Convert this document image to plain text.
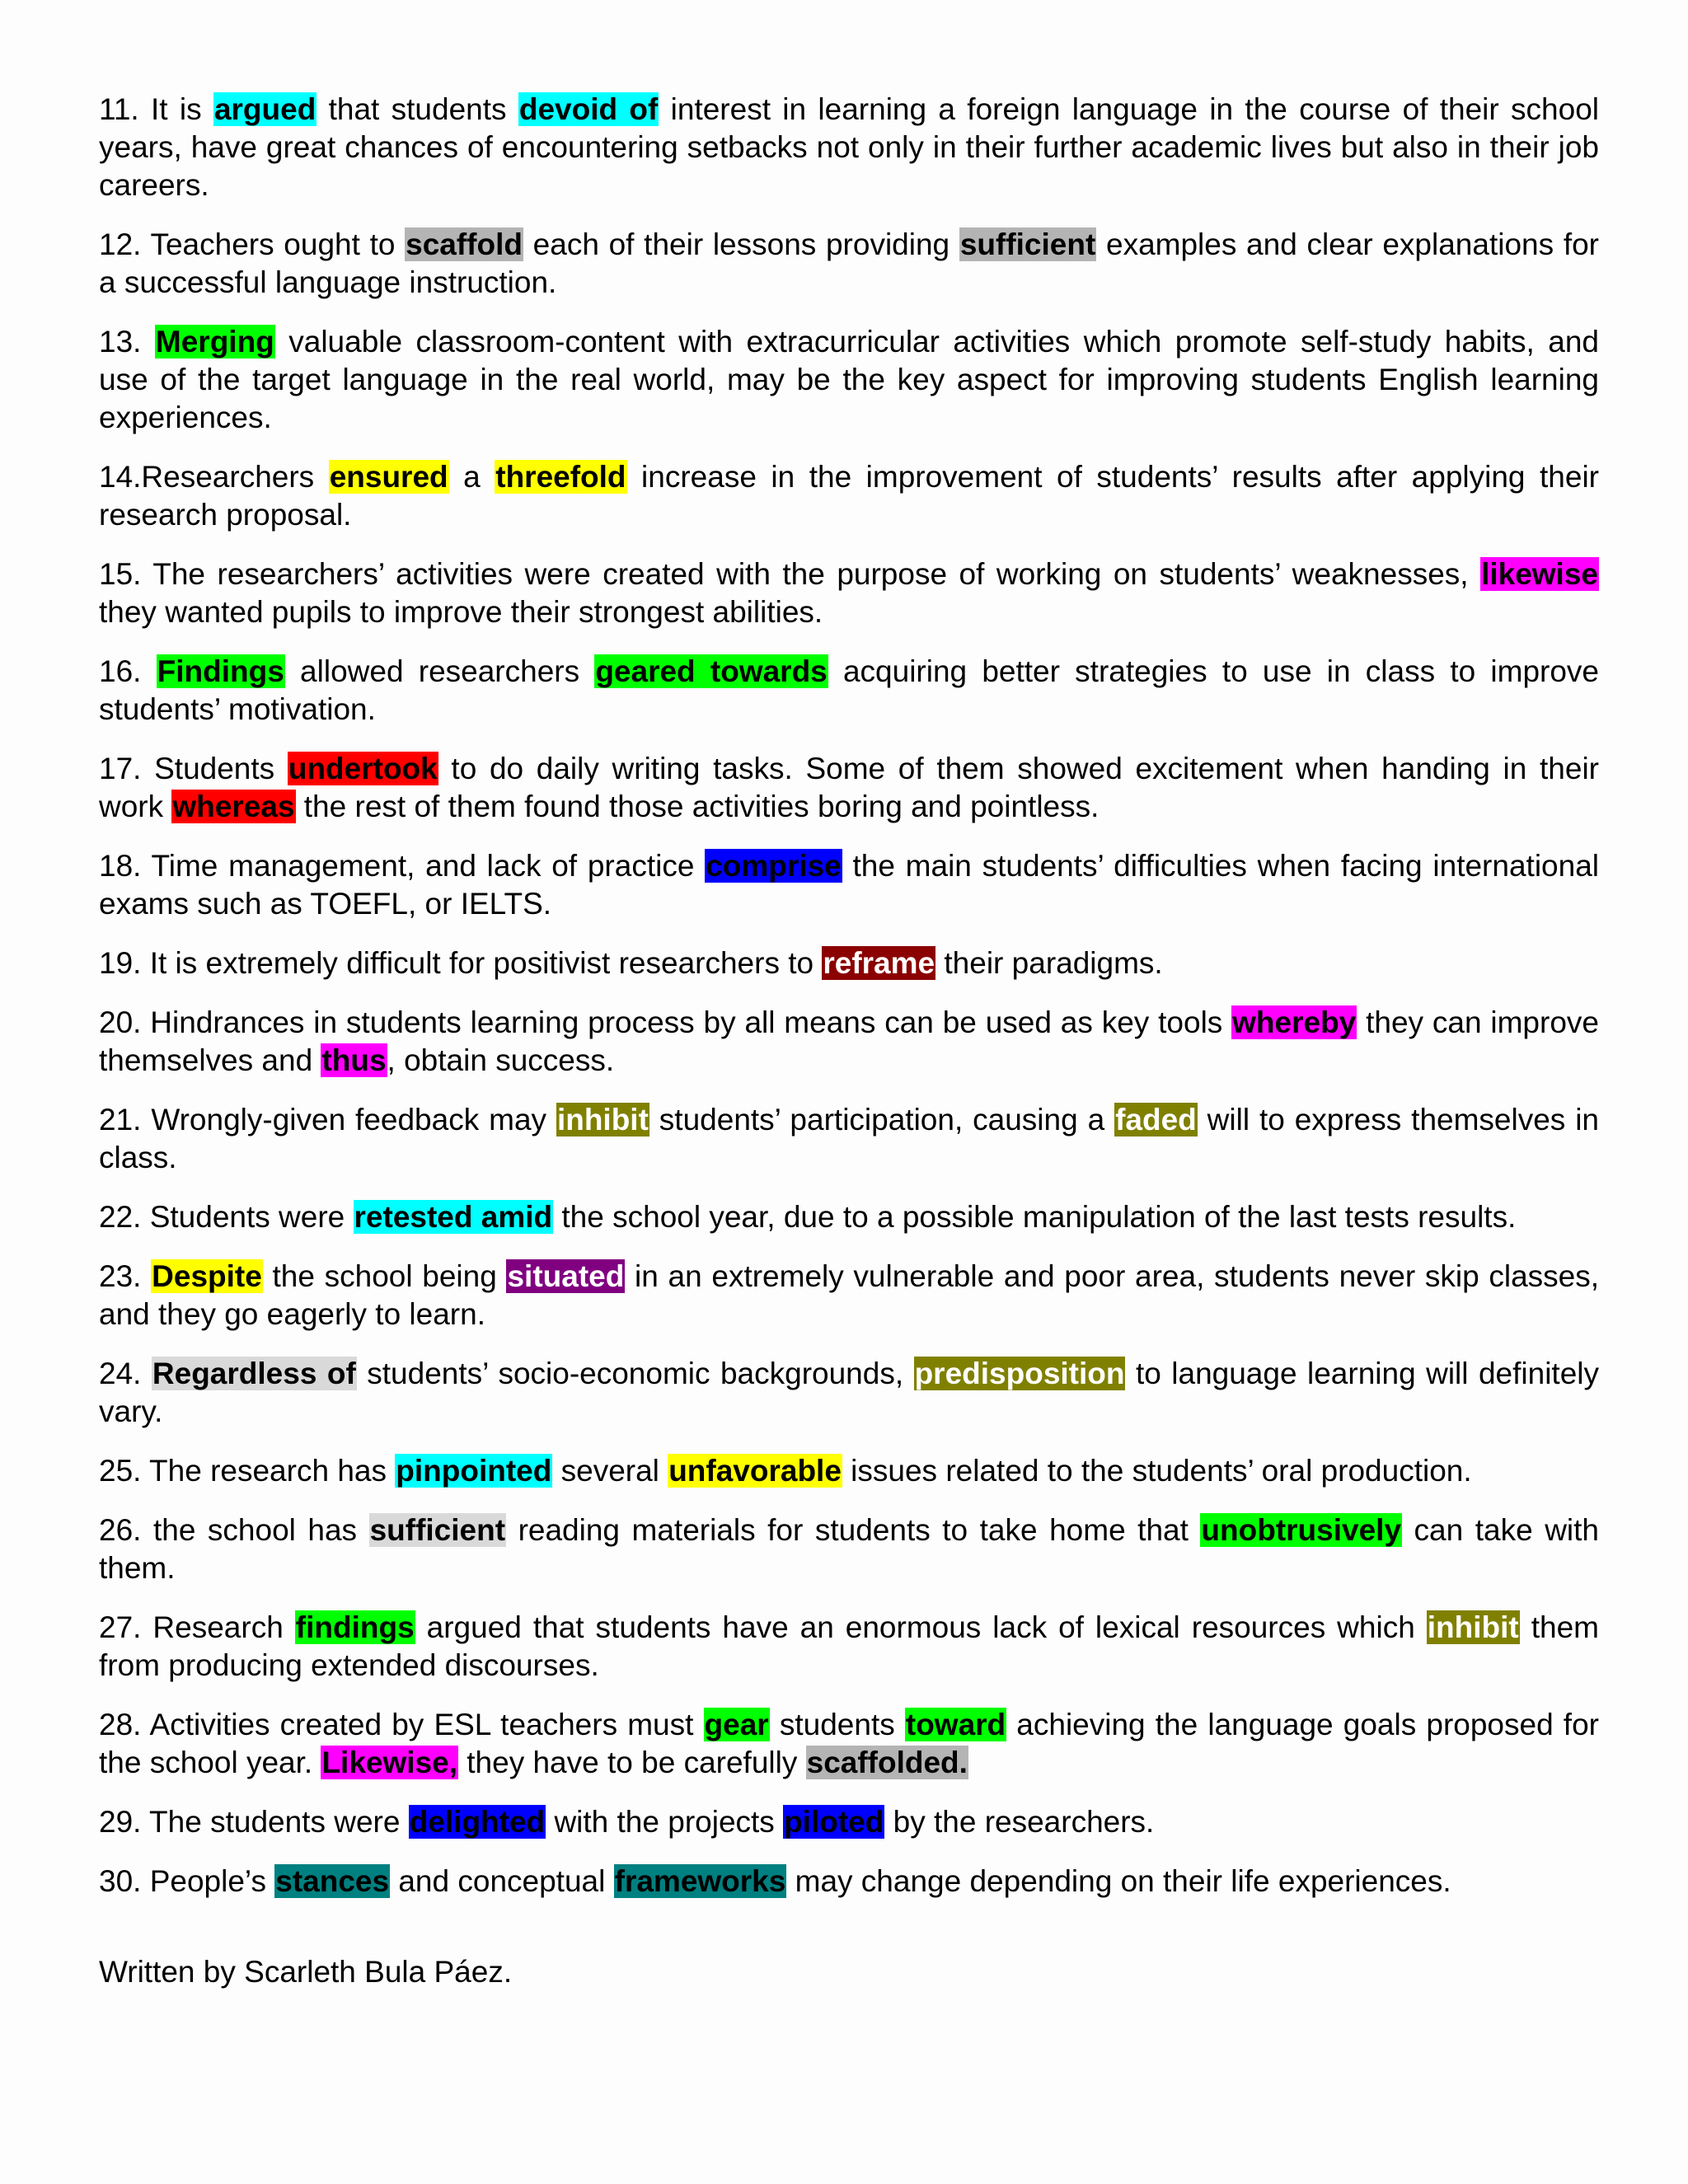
11. It is argued that students devoid of interest in learning a foreign language in the course of their school years, have great chances of encountering setbacks not only in their further academic lives but also in their job careers.

12. Teachers ought to scaffold each of their lessons providing sufficient examples and clear explanations for a successful language instruction.

13. Merging valuable classroom-content with extracurricular activities which promote self-study habits, and use of the target language in the real world, may be the key aspect for improving students English learning experiences.

14.Researchers ensured a threefold increase in the improvement of students’ results after applying their research proposal.

15. The researchers’ activities were created with the purpose of working on students’ weaknesses, likewise they wanted pupils to improve their strongest abilities.

16. Findings allowed researchers geared towards acquiring better strategies to use in class to improve students’ motivation.

17. Students undertook to do daily writing tasks. Some of them showed excitement when handing in their work whereas the rest of them found those activities boring and pointless.

18. Time management, and lack of practice comprise the main students’ difficulties when facing international exams such as TOEFL, or IELTS.

19. It is extremely difficult for positivist researchers to reframe their paradigms.

20. Hindrances in students learning process by all means can be used as key tools whereby they can improve themselves and thus, obtain success.

21. Wrongly-given feedback may inhibit students’ participation, causing a faded will to express themselves in class.

22. Students were retested amid the school year, due to a possible manipulation of the last tests results.

23. Despite the school being situated in an extremely vulnerable and poor area, students never skip classes, and they go eagerly to learn.

24. Regardless of students’ socio-economic backgrounds, predisposition to language learning will definitely vary.

25. The research has pinpointed several unfavorable issues related to the students’ oral production.

26. the school has sufficient reading materials for students to take home that unobtrusively can take with them.

27. Research findings argued that students have an enormous lack of lexical resources which inhibit them from producing extended discourses.

28. Activities created by ESL teachers must gear students toward achieving the language goals proposed for the school year. Likewise, they have to be carefully scaffolded.

29. The students were delighted with the projects piloted by the researchers.

30. People’s stances and conceptual frameworks may change depending on their life experiences.

Written by Scarleth Bula Páez.
